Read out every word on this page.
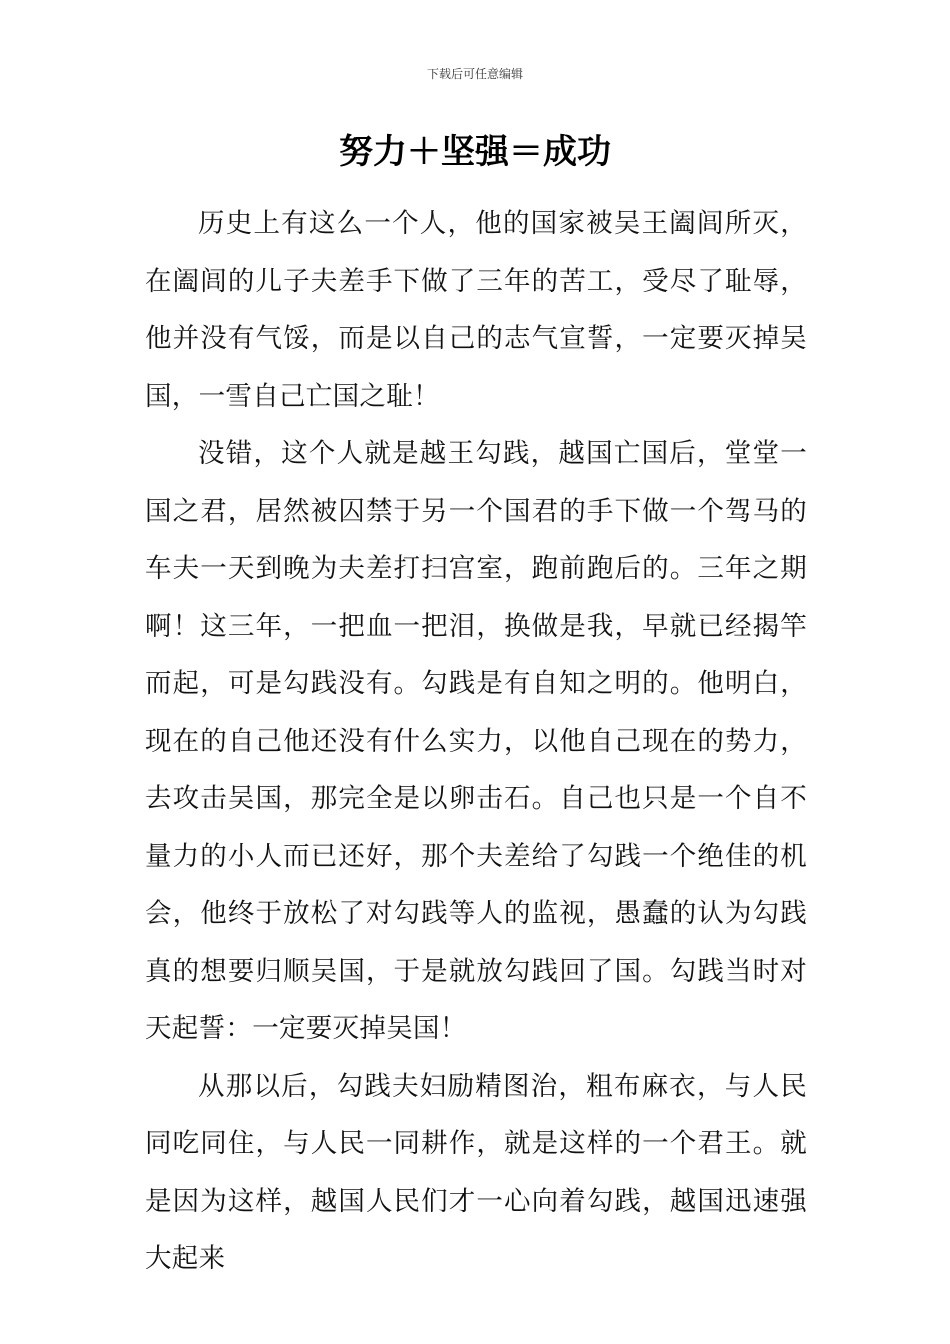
下载后可任意编辑
努力＋坚强＝成功

历史上有这么一个人，他的国家被吴王阖闾所灭，在阖闾的儿子夫差手下做了三年的苦工，受尽了耻辱，他并没有气馁，而是以自己的志气宣誓，一定要灭掉吴国，一雪自己亡国之耻！

没错，这个人就是越王勾践，越国亡国后，堂堂一国之君，居然被囚禁于另一个国君的手下做一个驾马的车夫一天到晚为夫差打扫宫室，跑前跑后的。三年之期啊！这三年，一把血一把泪，换做是我，早就已经揭竿而起，可是勾践没有。勾践是有自知之明的。他明白，现在的自己他还没有什么实力，以他自己现在的势力，去攻击吴国，那完全是以卵击石。自己也只是一个自不量力的小人而已还好，那个夫差给了勾践一个绝佳的机会，他终于放松了对勾践等人的监视，愚蠢的认为勾践真的想要归顺吴国，于是就放勾践回了国。勾践当时对天起誓：一定要灭掉吴国！

从那以后，勾践夫妇励精图治，粗布麻衣，与人民同吃同住，与人民一同耕作，就是这样的一个君王。就是因为这样，越国人民们才一心向着勾践，越国迅速强大起来
